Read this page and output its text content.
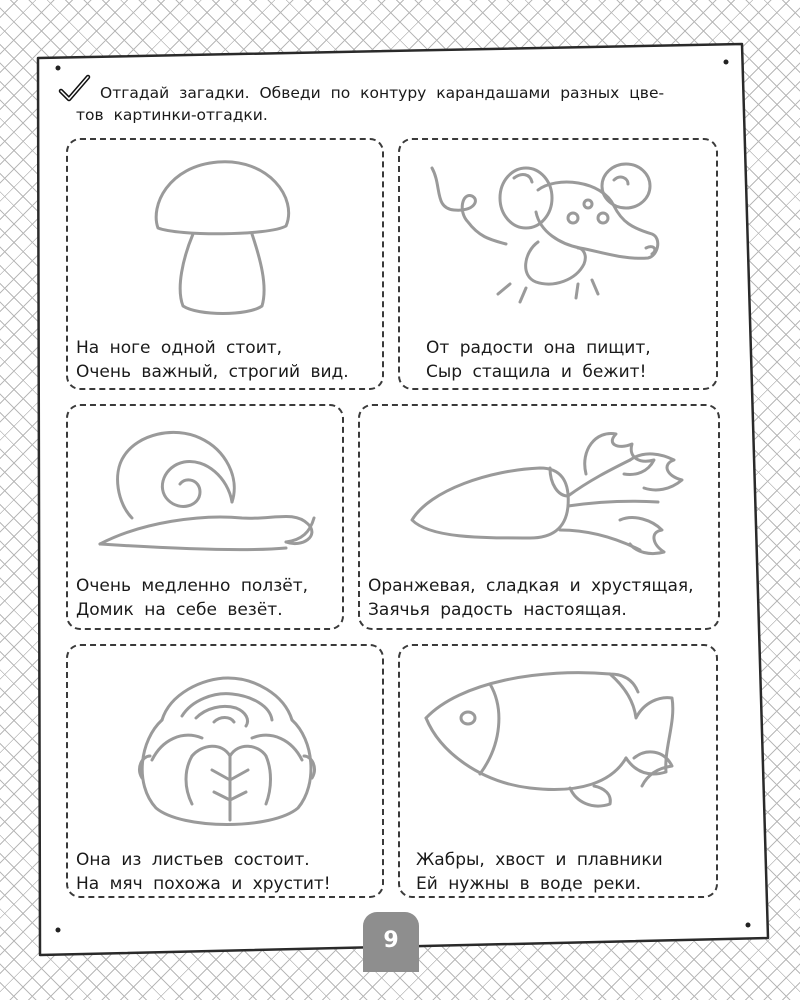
Отгадай загадки. Обведи по контуру карандашами разных цве-
тов картинки-отгадки.
На ноге одной стоит,
Очень важный, строгий вид.
От радости она пищит,
Сыр стащила и бежит!
Очень медленно ползёт,
Домик на себе везёт.
Оранжевая, сладкая и хрустящая,
Заячья радость настоящая.
Она из листьев состоит.
На мяч похожа и хрустит!
Жабры, хвост и плавники
Ей нужны в воде реки.
9
